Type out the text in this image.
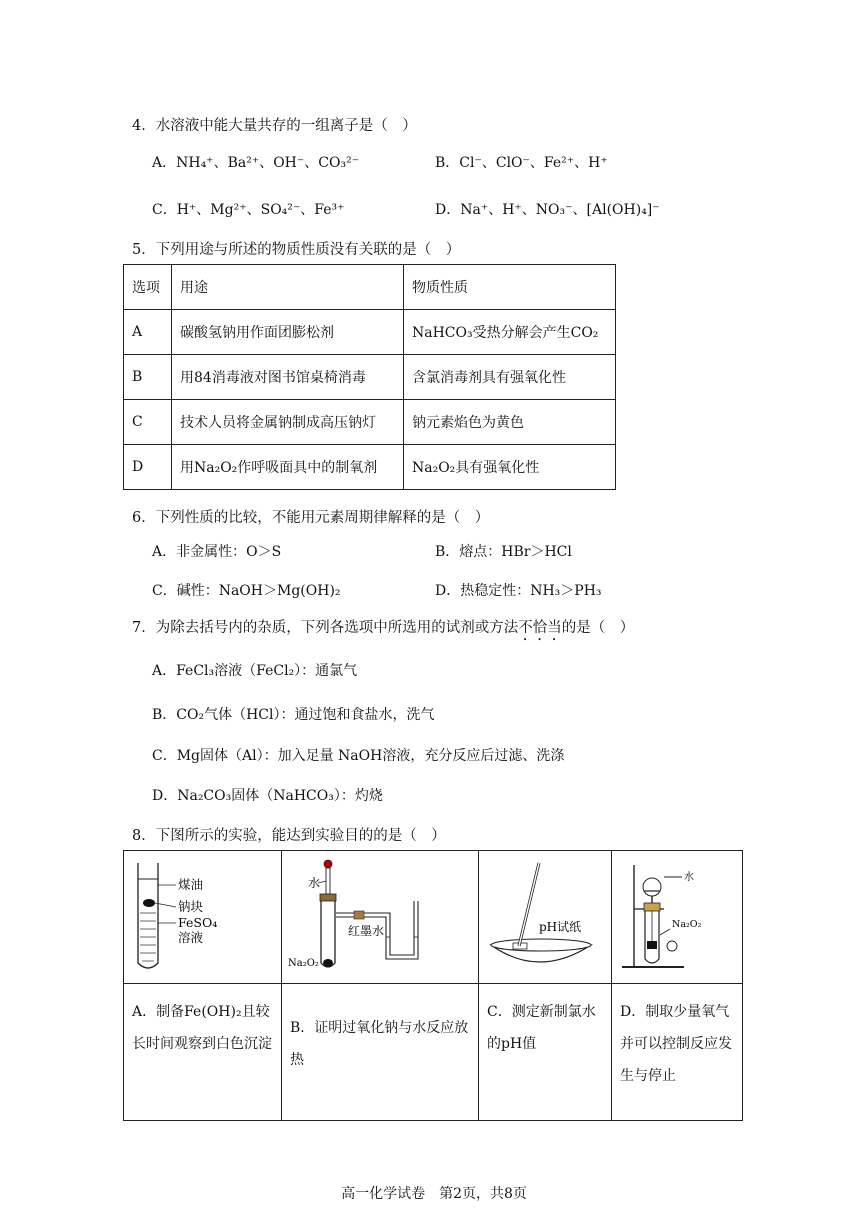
4．水溶液中能大量共存的一组离子是（　）
A．NH₄⁺、Ba²⁺、OH⁻、CO₃²⁻	B．Cl⁻、ClO⁻、Fe²⁺、H⁺
C．H⁺、Mg²⁺、SO₄²⁻、Fe³⁺	D．Na⁺、H⁺、NO₃⁻、[Al(OH)₄]⁻
5．下列用途与所述的物质性质没有关联的是（　）
选项	用途	物质性质
A	碳酸氢钠用作面团膨松剂	NaHCO₃受热分解会产生CO₂
B	用84消毒液对图书馆桌椅消毒	含氯消毒剂具有强氧化性
C	技术人员将金属钠制成高压钠灯	钠元素焰色为黄色
D	用Na₂O₂作呼吸面具中的制氧剂	Na₂O₂具有强氧化性
6．下列性质的比较，不能用元素周期律解释的是（　）
A．非金属性：O＞S	B．熔点：HBr＞HCl
C．碱性：NaOH＞Mg(OH)₂	D．热稳定性：NH₃＞PH₃
7．为除去括号内的杂质，下列各选项中所选用的试剂或方法不恰当的是（　）
A．FeCl₃溶液（FeCl₂）：通氯气
B．CO₂气体（HCl）：通过饱和食盐水，洗气
C．Mg固体（Al）：加入足量 NaOH溶液，充分反应后过滤、洗涤
D．Na₂CO₃固体（NaHCO₃）：灼烧
8．下图所示的实验，能达到实验目的的是（　）
煤油
钠块
FeSO₄
溶液	水
红墨水
Na₂O₂	pH试纸	水
Na₂O₂

A．制备Fe(OH)₂且较长时间观察到白色沉淀	B．证明过氧化钠与水反应放热	C．测定新制氯水的pH值	D．制取少量氧气并可以控制反应发生与停止
高一化学试卷　第2页，共8页
